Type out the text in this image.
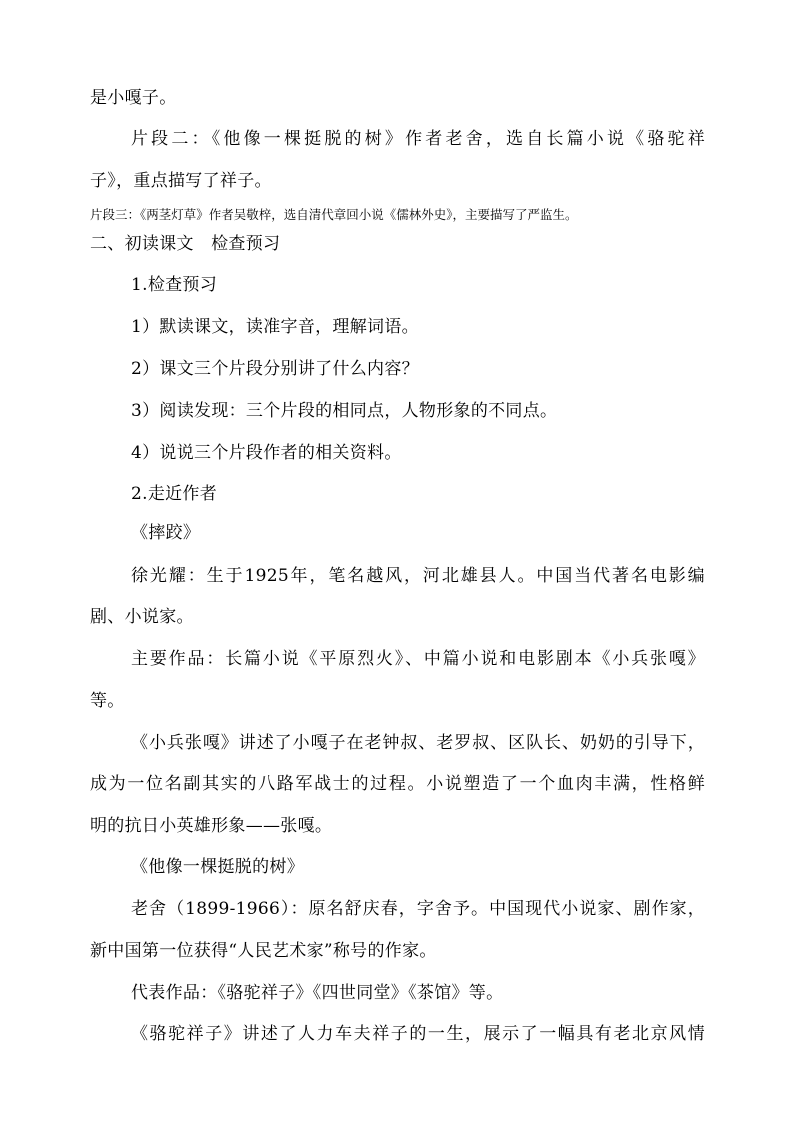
是小嘎子。
片段二：《他像一棵挺脱的树》作者老舍，选自长篇小说《骆驼祥
子》，重点描写了祥子。
片段三：《两茎灯草》作者吴敬梓，选自清代章回小说《儒林外史》，主要描写了严监生。
二、初读课文　检查预习
1.检查预习
1）默读课文，读准字音，理解词语。
2）课文三个片段分别讲了什么内容？
3）阅读发现：三个片段的相同点，人物形象的不同点。
4）说说三个片段作者的相关资料。
2.走近作者
《摔跤》
徐光耀：生于1925年，笔名越风，河北雄县人。中国当代著名电影编
剧、小说家。
主要作品：长篇小说《平原烈火》、中篇小说和电影剧本《小兵张嘎》
等。
《小兵张嘎》讲述了小嘎子在老钟叔、老罗叔、区队长、奶奶的引导下，
成为一位名副其实的八路军战士的过程。小说塑造了一个血肉丰满，性格鲜
明的抗日小英雄形象——张嘎。
《他像一棵挺脱的树》
老舍（1899-1966）：原名舒庆春，字舍予。中国现代小说家、剧作家，
新中国第一位获得“人民艺术家”称号的作家。
代表作品：《骆驼祥子》《四世同堂》《茶馆》等。
《骆驼祥子》讲述了人力车夫祥子的一生，展示了一幅具有老北京风情
